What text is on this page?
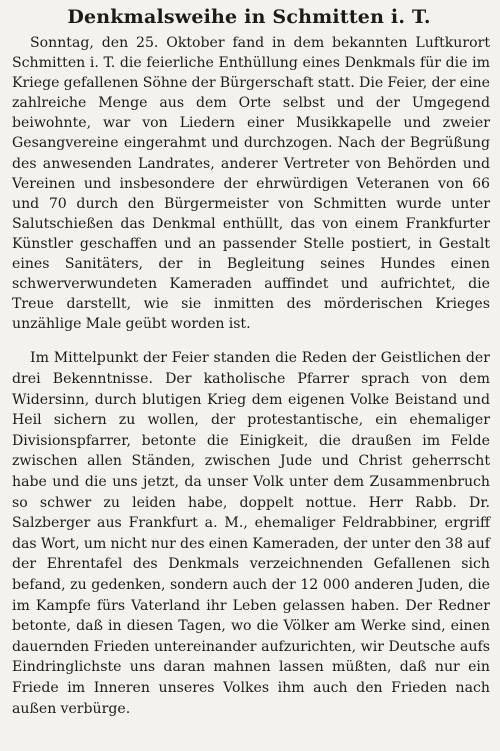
Denkmalsweihe in Schmitten i. T.

Sonntag, den 25. Oktober fand in dem bekannten Luftkurort Schmitten i. T. die feierliche Enthüllung eines Denkmals für die im Kriege gefallenen Söhne der Bürgerschaft statt. Die Feier, der eine zahlreiche Menge aus dem Orte selbst und der Umgegend beiwohnte, war von Liedern einer Musikkapelle und zweier Gesangvereine eingerahmt und durchzogen. Nach der Begrüßung des anwesenden Landrates, anderer Vertreter von Behörden und Vereinen und insbesondere der ehrwürdigen Veteranen von 66 und 70 durch den Bürgermeister von Schmitten wurde unter Salutschießen das Denkmal enthüllt, das von einem Frankfurter Künstler geschaffen und an passender Stelle postiert, in Gestalt eines Sanitäters, der in Begleitung seines Hundes einen schwerverwundeten Kameraden auffindet und aufrichtet, die Treue darstellt, wie sie inmitten des mörderischen Krieges unzählige Male geübt worden ist.

Im Mittelpunkt der Feier standen die Reden der Geistlichen der drei Bekenntnisse. Der katholische Pfarrer sprach von dem Widersinn, durch blutigen Krieg dem eigenen Volke Beistand und Heil sichern zu wollen, der protestantische, ein ehemaliger Divisionspfarrer, betonte die Einigkeit, die draußen im Felde zwischen allen Ständen, zwischen Jude und Christ geherrscht habe und die uns jetzt, da unser Volk unter dem Zusammenbruch so schwer zu leiden habe, doppelt nottue. Herr Rabb. Dr. Salzberger aus Frankfurt a. M., ehemaliger Feldrabbiner, ergriff das Wort, um nicht nur des einen Kameraden, der unter den 38 auf der Ehrentafel des Denkmals verzeichnenden Gefallenen sich befand, zu gedenken, sondern auch der 12 000 anderen Juden, die im Kampfe fürs Vaterland ihr Leben gelassen haben. Der Redner betonte, daß in diesen Tagen, wo die Völker am Werke sind, einen dauernden Frieden untereinander aufzurichten, wir Deutsche aufs Eindringlichste uns daran mahnen lassen müßten, daß nur ein Friede im Inneren unseres Volkes ihm auch den Frieden nach außen verbürge.
